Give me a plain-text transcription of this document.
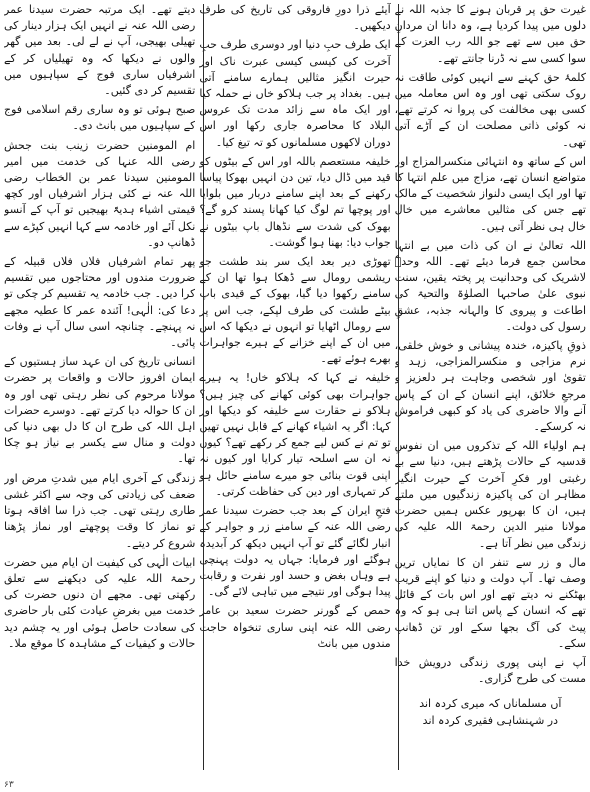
غیرت حق پر قربان ہونے کا جذبہ اللہ نے دلوں میں پیدا کردیا ہے، وہ دانا ان مردانِ حق میں سے تھے جو اللہ رب العزت کے سوا کسی سے نہ ڈرنا جانتے تھے۔

کلمۂ حق کہنے سے انہیں کوئی طاقت نہ روک سکتی تھی اور وہ اس معاملہ میں کسی بھی مخالفت کی پروا نہ کرتے تھے، نہ کوئی ذاتی مصلحت ان کے آڑے آتی تھی۔

اس کے ساتھ وہ انتہائی منکسرالمزاج اور متواضع انسان تھے، مزاج میں علم انتہا کا تھا اور ایک ایسی دلنواز شخصیت کے مالک تھے جس کی مثالیں معاشرے میں خال خال ہی نظر آتی ہیں۔

اللہ تعالیٰ نے ان کی ذات میں بے انتہا محاسن جمع فرما دیئے تھے۔ اللہ وحدہٗ لاشریک کی وحدانیت پر پختہ یقین، سنت نبوی علیٰ صاحبہا الصلوٰۃ والتحیۃ کی اطاعت و پیروی کا والہانہ جذبہ، عشقِ رسول کی دولت۔

ذوقِ پاکیزہ، خندہ پیشانی و خوش خلقی، نرم مزاجی و منکسرالمزاجی، زہد و تقویٰ اور شخصی وجاہت ہر دلعزیز و مرجعِ خلائق، اپنے انسان کے ان کے پاس آنے والا حاضری کی یاد کو کبھی فراموش نہ کرسکے۔

ہم اولیاء اللہ کے تذکروں میں ان نفوسِ قدسیہ کے حالات پڑھتے ہیں، دنیا سے بے رغبتی اور فکرِ آخرت کے حیرت انگیز مظاہر ان کی پاکیزہ زندگیوں میں ملتے ہیں، ان کا بھرپور عکس ہمیں حضرت مولانا منیر الدین رحمۃ اللہ علیہ کی زندگی میں نظر آتا ہے۔

مال و زر سے تنفر ان کا نمایاں ترین وصف تھا۔ آپ دولت و دنیا کو اپنے قریب بھٹکنے نہ دیتے تھے اور اس بات کے قائل تھے کہ انسان کے پاس اتنا ہی ہو کہ وہ پیٹ کی آگ بجھا سکے اور تن ڈھانپ سکے۔

آپ نے اپنی پوری زندگی درویش خدا مست کی طرح گزاری۔

آں مسلماناں کہ میری کردہ اند
در شہنشاہی فقیری کردہ اند

آیئے ذرا دورِ فاروقی کی تاریخ کی طرف دیکھیں۔

ایک طرف حبِ دنیا اور دوسری طرف حبِ آخرت کی کیسی کیسی عبرت ناک اور حیرت انگیز مثالیں ہمارے سامنے آتی ہیں۔ بغداد پر جب ہلاکو خاں نے حملہ کیا اور ایک ماہ سے زائد مدت تک عروس البلاد کا محاصرہ جاری رکھا اور اس دوران لاکھوں مسلمانوں کو تہ تیغ کیا۔

خلیفہ مستعصم باللہ اور اس کے بیٹوں کو قید میں ڈال دیا، تین دن انہیں بھوکا پیاسا رکھنے کے بعد اپنے سامنے دربار میں بلوایا اور پوچھا تم لوگ کیا کھانا پسند کرو گے؟ بھوک کی شدت سے نڈھال باپ بیٹوں نے جواب دیا: بھنا ہوا گوشت۔

تھوڑی دیر بعد ایک سر بند طشت جو ریشمی رومال سے ڈھکا ہوا تھا ان کے سامنے رکھوا دیا گیا، بھوک کے قیدی باپ بیٹے طشت کی طرف لپکے، جب اس پر سے رومال اٹھایا تو انہوں نے دیکھا کہ اس میں ان کے اپنے خزانے کے ہیرے جواہرات بھرے ہوئے تھے۔

خلیفہ نے کہا کہ ہلاکو خاں! یہ ہیرے جواہرات بھی کوئی کھانے کی چیز ہیں؟ ہلاکو نے حقارت سے خلیفہ کو دیکھا اور کہا: اگر یہ اشیاء کھانے کے قابل نہیں تھیں تو تم نے کس لیے جمع کر رکھے تھے؟ کیوں نہ ان سے اسلحہ تیار کرایا اور کیوں نہ اپنی قوت بنائی جو میرے سامنے حائل ہو کر تمہاری اور دین کی حفاظت کرتی۔

فتحِ ایران کے بعد جب حضرت سیدنا عمر رضی اللہ عنہ کے سامنے زر و جواہر کے انبار لگائے گئے تو آپ انہیں دیکھ کر آبدیدہ ہوگئے اور فرمایا: جہاں یہ دولت پہنچی ہے وہاں بغض و حسد اور نفرت و رقابت پیدا ہوگی اور نتیجے میں تباہی لائے گی۔

حمص کے گورنر حضرت سعید بن عامر رضی اللہ عنہ اپنی ساری تنخواہ حاجت مندوں میں بانٹ

دیتے تھے۔ ایک مرتبہ حضرت سیدنا عمر رضی اللہ عنہ نے انہیں ایک ہزار دینار کی تھیلی بھیجی، آپ نے لے لی۔ بعد میں گھر والوں نے دیکھا کہ وہ تھیلیاں کر کے اشرفیاں ساری فوج کے سپاہیوں میں تقسیم کر دی گئیں۔

صبح ہوئی تو وہ ساری رقم اسلامی فوج کے سپاہیوں میں بانٹ دی۔

ام المومنین حضرت زینب بنت جحش رضی اللہ عنہا کی خدمت میں امیر المومنین سیدنا عمر بن الخطاب رضی اللہ عنہ نے کئی ہزار اشرفیاں اور کچھ قیمتی اشیاء ہدیۃً بھیجیں تو آپ کے آنسو نکل آئے اور خادمہ سے کہا انہیں کپڑے سے ڈھانپ دو۔

پھر تمام اشرفیاں فلاں فلاں قبیلہ کے ضرورت مندوں اور محتاجوں میں تقسیم کرا دیں۔ جب خادمہ یہ تقسیم کر چکی تو دعا کی: الٰہی! آئندہ عمر کا عطیہ مجھے نہ پہنچے۔ چنانچہ اسی سال آپ نے وفات پائی۔

انسانی تاریخ کی ان عہد ساز ہستیوں کے ایمان افروز حالات و واقعات پر حضرت مولانا مرحوم کی نظر رہتی تھی اور وہ ان کا حوالہ دیا کرتے تھے۔ دوسرے حضرات اہل اللہ کی طرح ان کا دل بھی دنیا کی دولت و منال سے یکسر بے نیاز ہو چکا تھا۔

زندگی کے آخری ایام میں شدتِ مرض اور ضعف کی زیادتی کی وجہ سے اکثر غشی طاری رہتی تھی۔ جب ذرا سا افاقہ ہوتا تو نماز کا وقت پوچھتے اور نماز پڑھنا شروع کر دیتے۔

ابیات الٰہی کی کیفیت ان ایام میں حضرت رحمۃ اللہ علیہ کی دیکھنے سے تعلق رکھتی تھی۔ مجھے ان دنوں حضرت کی خدمت میں بغرضِ عیادت کئی بار حاضری کی سعادت حاصل ہوئی اور یہ چشم دید حالات و کیفیات کے مشاہدہ کا موقع ملا۔

۶۳
